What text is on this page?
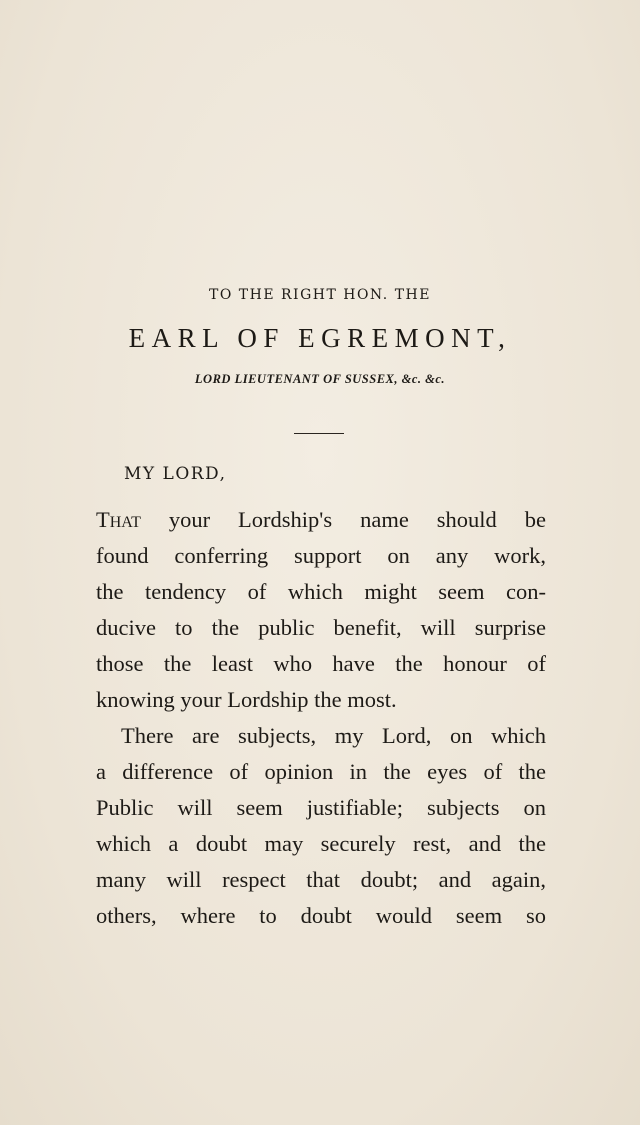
TO THE RIGHT HON. THE
EARL OF EGREMONT,
LORD LIEUTENANT OF SUSSEX, &c. &c.
MY LORD,
That your Lordship's name should be
found conferring support on any work,
the tendency of which might seem con-
ducive to the public benefit, will surprise
those the least who have the honour of
knowing your Lordship the most.
There are subjects, my Lord, on which
a difference of opinion in the eyes of the
Public will seem justifiable; subjects on
which a doubt may securely rest, and the
many will respect that doubt; and again,
others, where to doubt would seem so
